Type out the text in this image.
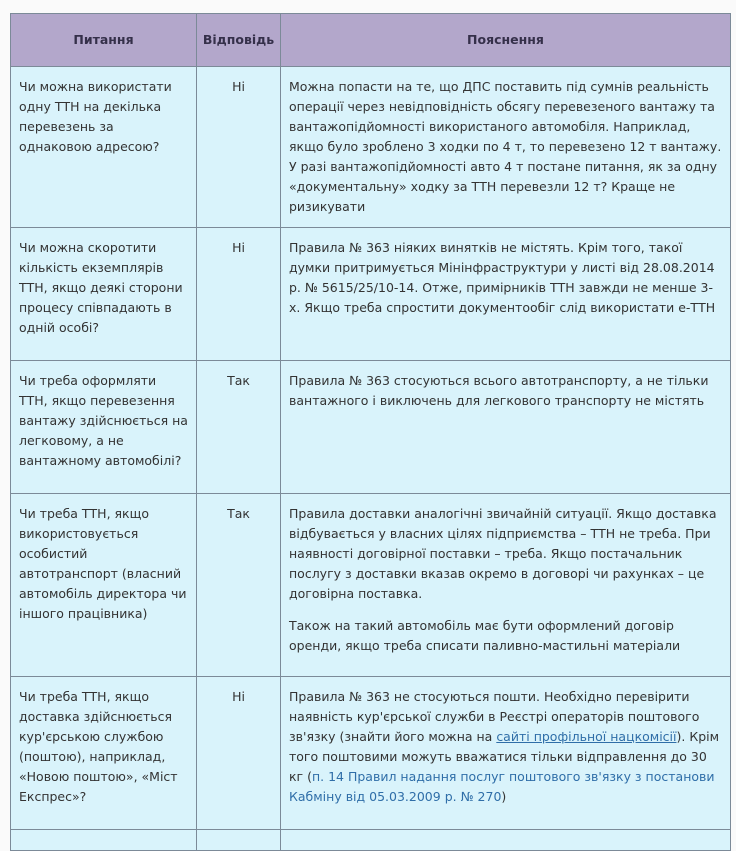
Питання	Відповідь	Пояснення
Чи можна використати одну ТТН на декілька перевезень за однаковою адресою?	Ні	Можна попасти на те, що ДПС поставить під сумнів реальність операції через невідповідність обсягу перевезеного вантажу та вантажопідйомності використаного автомобіля. Наприклад, якщо було зроблено 3 ходки по 4 т, то перевезено 12 т вантажу. У разі вантажопідйомності авто 4 т постане питання, як за одну «документальну» ходку за ТТН перевезли 12 т? Краще не ризикувати

Чи можна скоротити кількість екземплярів ТТН, якщо деякі сторони процесу співпадають в одній особі?	Ні	Правила № 363 ніяких винятків не містять. Крім того, такої думки притримується Мінінфраструктури у листі від 28.08.2014 р. № 5615/25/10-14. Отже, примірників ТТН завжди не менше 3-х. Якщо треба спростити документообіг слід використати е-ТТН

Чи треба оформляти ТТН, якщо перевезення вантажу здійснюється на легковому, а не вантажному автомобілі?	Так	Правила № 363 стосуються всього автотранспорту, а не тільки вантажного і виключень для легкового транспорту не містять

Чи треба ТТН, якщо використовується особистий автотранспорт (власний автомобіль директора чи іншого працівника)	Так	Правила доставки аналогічні звичайній ситуації. Якщо доставка відбувається у власних цілях підприємства – ТТН не треба. При наявності договірної поставки – треба. Якщо постачальник послугу з доставки вказав окремо в договорі чи рахунках – це договірна поставка.

Також на такий автомобіль має бути оформлений договір оренди, якщо треба списати паливно-мастильні матеріали

Чи треба ТТН, якщо доставка здійснюється кур'єрською службою (поштою), наприклад, «Новою поштою», «Міст Експрес»?	Ні	Правила № 363 не стосуються пошти. Необхідно перевірити наявність кур'єрської служби в Реєстрі операторів поштового зв'язку (знайти його можна на сайті профільної нацкомісії). Крім того поштовими можуть вважатися тільки відправлення до 30 кг (п. 14 Правил надання послуг поштового зв'язку з постанови Кабміну від 05.03.2009 р. № 270)
